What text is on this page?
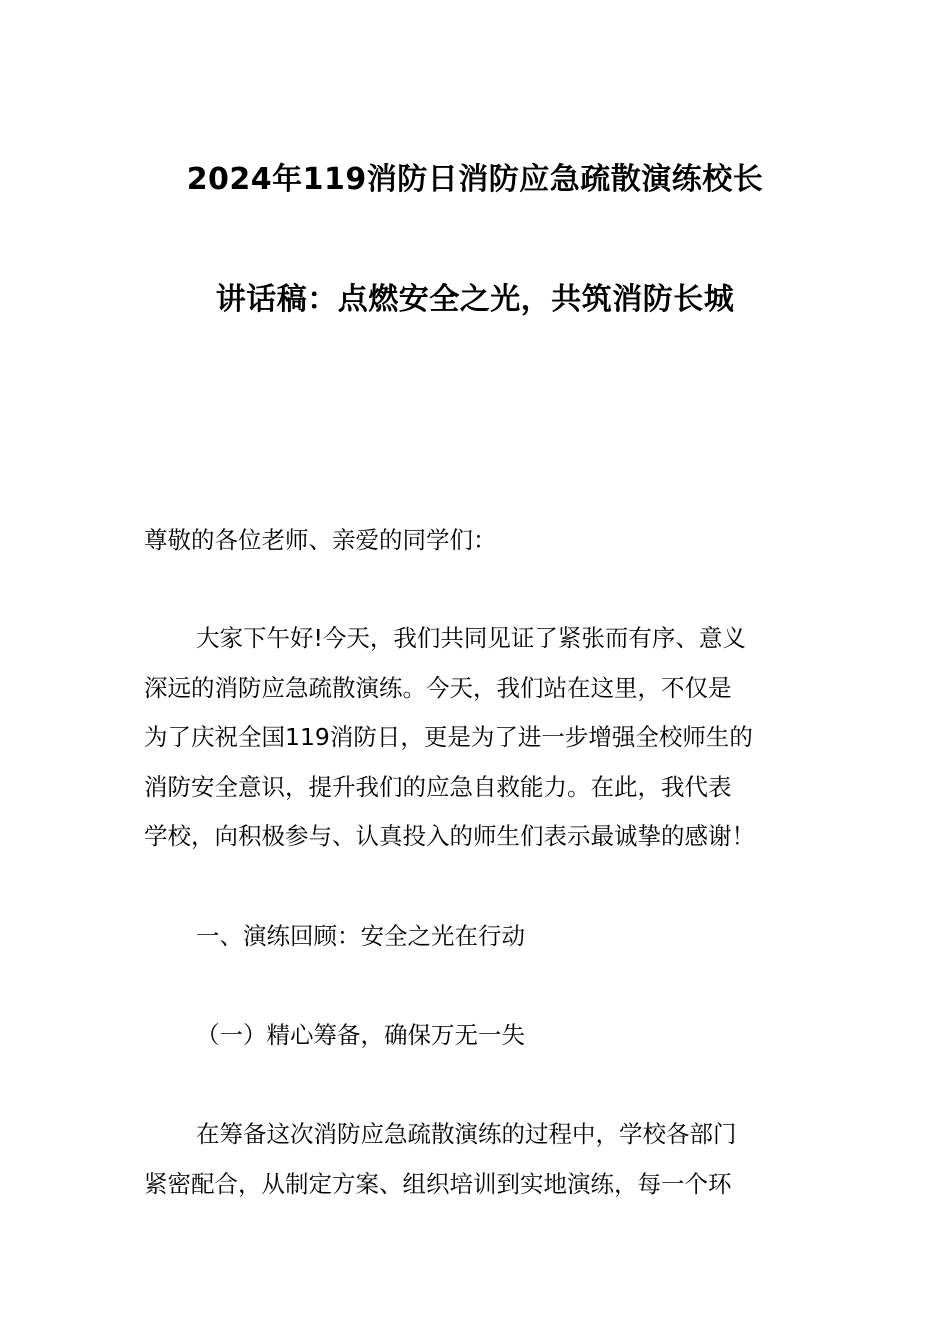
2024年119消防日消防应急疏散演练校长
讲话稿：点燃安全之光，共筑消防长城
尊敬的各位老师、亲爱的同学们：
大家下午好!今天，我们共同见证了紧张而有序、意义
深远的消防应急疏散演练。今天，我们站在这里，不仅是
为了庆祝全国119消防日，更是为了进一步增强全校师生的
消防安全意识，提升我们的应急自救能力。在此，我代表
学校，向积极参与、认真投入的师生们表示最诚挚的感谢！
一、演练回顾：安全之光在行动
（一）精心筹备，确保万无一失
在筹备这次消防应急疏散演练的过程中，学校各部门
紧密配合，从制定方案、组织培训到实地演练，每一个环
